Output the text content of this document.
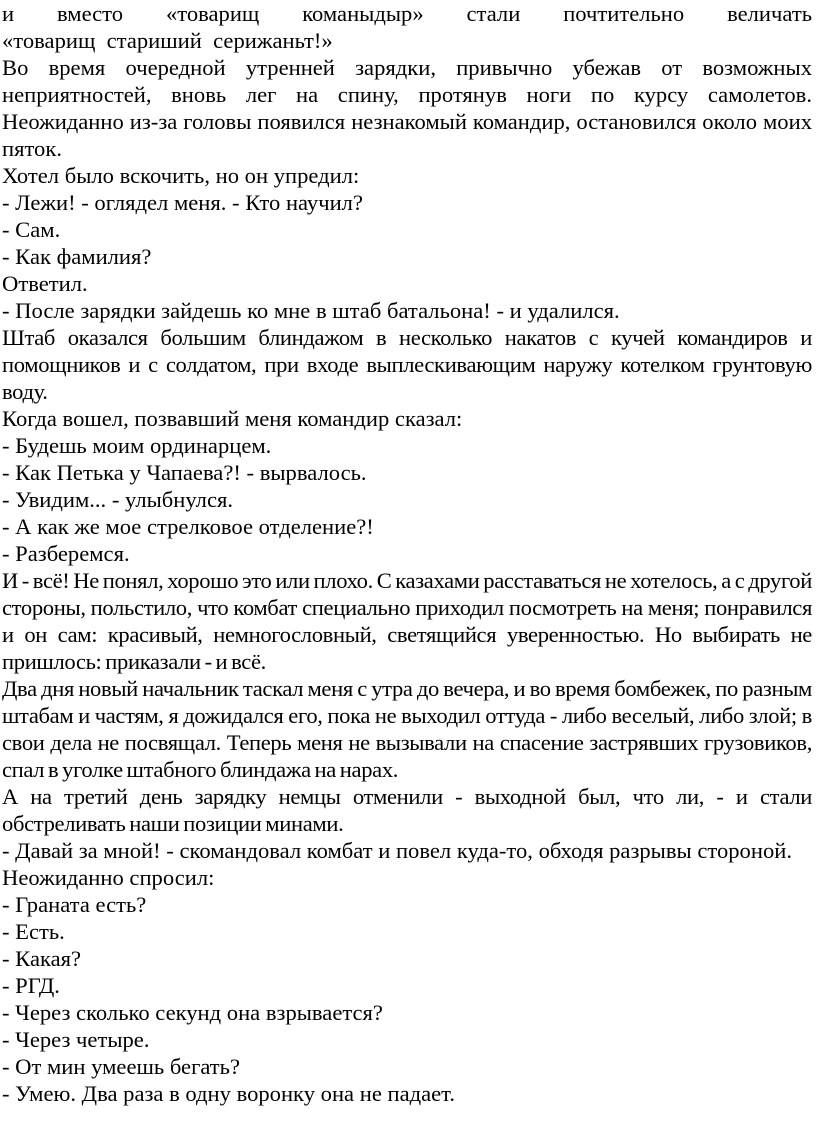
и вместо «товарищ команыдыр» стали почтительно величать

«товарищ  стариший  серижаньт!»

Во время очередной утренней зарядки, привычно убежав от возможных неприятностей, вновь лег на спину, протянув ноги по курсу самолетов. Неожиданно из-за головы появился незнакомый командир, остановился около моих пяток.

Хотел было вскочить, но он упредил:

- Лежи! - оглядел меня. - Кто научил?

- Сам.

- Как фамилия?

Ответил.

- После зарядки зайдешь ко мне в штаб батальона! - и удалился.

Штаб оказался большим блиндажом в несколько накатов с кучей командиров и помощников и с солдатом, при входе выплескивающим наружу котелком грунтовую воду.

Когда вошел, позвавший меня командир сказал:

- Будешь моим ординарцем.

- Как Петька у Чапаева?! - вырвалось.

- Увидим... - улыбнулся.

- А как же мое стрелковое отделение?!

- Разберемся.

И - всё! Не понял, хорошо это или плохо. С казахами расставаться не хотелось, а с другой стороны, польстило, что комбат специально приходил посмотреть на меня; понравился и он сам: красивый, немногословный, светящийся уверенностью. Но выбирать не пришлось: приказали - и всё.

Два дня новый начальник таскал меня с утра до вечера, и во время бомбежек, по разным штабам и частям, я дожидался его, пока не выходил оттуда - либо веселый, либо злой; в свои дела не посвящал. Теперь меня не вызывали на спасение застрявших грузовиков, спал в уголке штабного блиндажа на нарах.

А на третий день зарядку немцы отменили - выходной был, что ли, - и стали обстреливать наши позиции минами.

- Давай за мной! - скомандовал комбат и повел куда-то, обходя разрывы стороной.

Неожиданно спросил:

- Граната есть?

- Есть.

- Какая?

- РГД.

- Через сколько секунд она взрывается?

- Через четыре.

- От мин умеешь бегать?

- Умею. Два раза в одну воронку она не падает.
